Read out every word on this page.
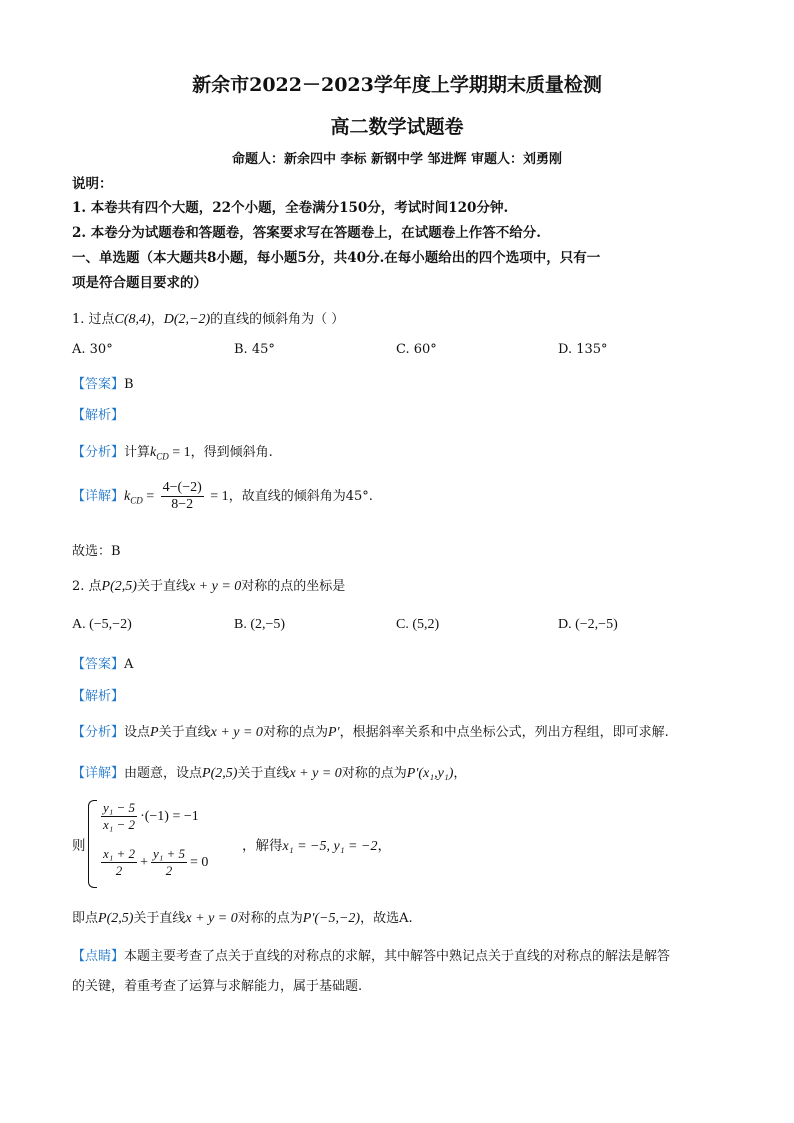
新余市2022－2023学年度上学期期末质量检测
高二数学试题卷
命题人：新余四中 李标 新钢中学 邹进辉 审题人：刘勇刚
说明：
1. 本卷共有四个大题，22个小题，全卷满分150分，考试时间120分钟.
2. 本卷分为试题卷和答题卷，答案要求写在答题卷上，在试题卷上作答不给分.
一、单选题（本大题共8小题，每小题5分，共40分.在每小题给出的四个选项中，只有一
项是符合题目要求的）
1. 过点C(8,4)，D(2,−2)的直线的倾斜角为（ ）
A. 30°	B. 45°	C. 60°	D. 135°
【答案】B
【解析】
【分析】计算$k_{CD} = 1$，得到倾斜角.
【详解】$k_{CD} = \frac{4-(-2)}{8-2} = 1$，故直线的倾斜角为45°.
故选：B
2. 点P(2,5)关于直线x + y = 0对称的点的坐标是
A. (−5,−2)	B. (2,−5)	C. (5,2)	D. (−2,−5)
【答案】A
【解析】
【分析】设点P关于直线x + y = 0对称的点为P′，根据斜率关系和中点坐标公式，列出方程组，即可求解.
【详解】由题意，设点P(2,5)关于直线x + y = 0对称的点为P′(x₁,y₁)，
则
$\frac{\text{y₁ − 5}}{\text{x₁ − 2}} \cdot(-1) = -1$
$\frac{\text{x₁ + 2}}{2} + \frac{\text{y₁ + 5}}{2} = 0$
，解得x₁ = −5, y₁ = −2，
即点P(2,5)关于直线x + y = 0对称的点为P′(−5,−2)，故选A.
【点睛】本题主要考查了点关于直线的对称点的求解，其中解答中熟记点关于直线的对称点的解法是解答
的关键，着重考查了运算与求解能力，属于基础题.
